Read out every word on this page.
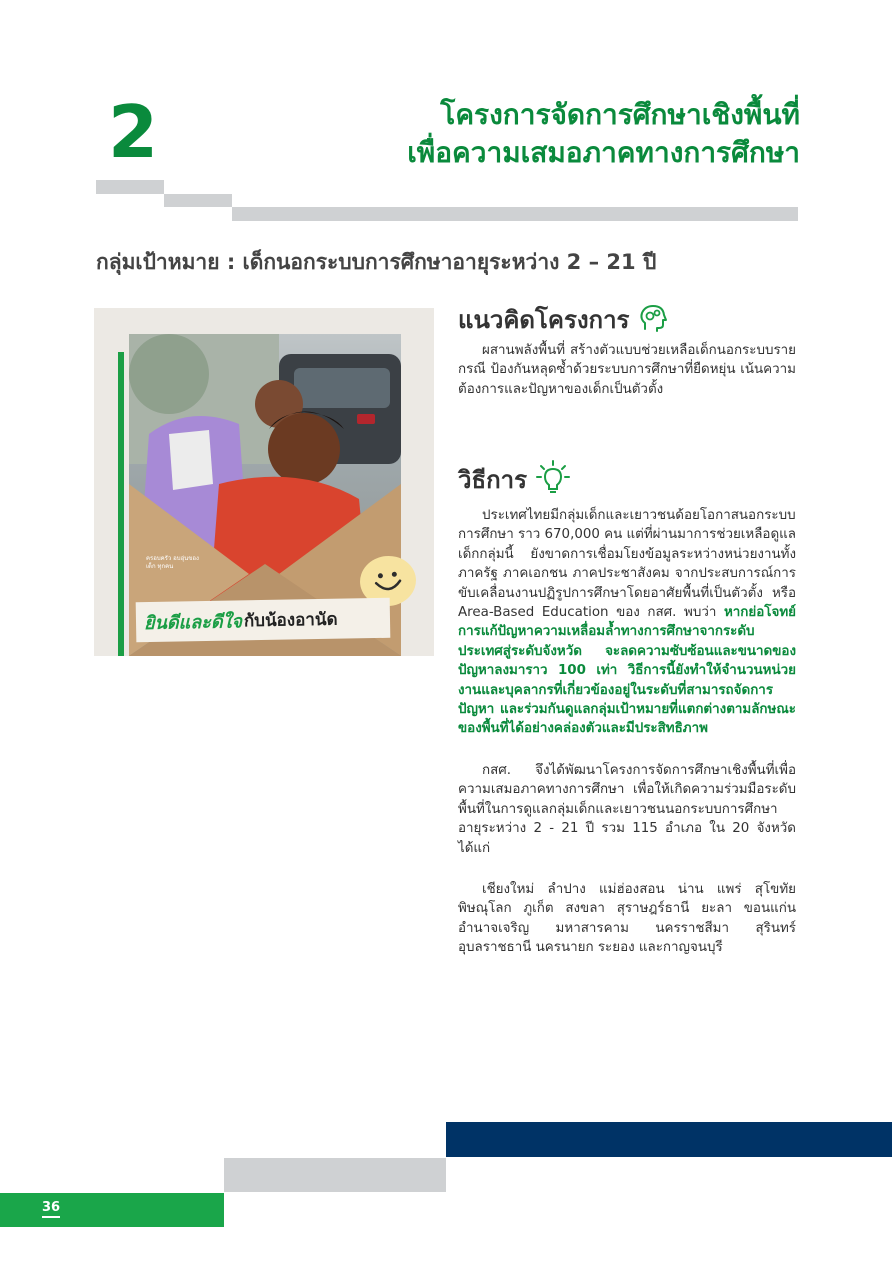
2	โครงการจัดการศึกษาเชิงพื้นที่
เพื่อความเสมอภาคทางการศึกษา
กลุ่มเป้าหมาย : เด็กนอกระบบการศึกษาอายุระหว่าง 2 – 21 ปี
ครอบครัว อบอุ่นของเด็ก ทุกคน
ยินดีและดีใจ กับน้องอานัด
แนวคิดโครงการ

ผสานพลังพื้นที่ สร้างตัวแบบช่วยเหลือเด็กนอกระบบรายกรณี ป้องกันหลุดซ้ำด้วยระบบการศึกษาที่ยืดหยุ่น เน้นความต้องการและปัญหาของเด็กเป็นตัวตั้ง

วิธีการ

ประเทศไทยมีกลุ่มเด็กและเยาวชนด้อยโอกาสนอกระบบการศึกษา ราว 670,000 คน แต่ที่ผ่านมาการช่วยเหลือดูแลเด็กกลุ่มนี้ ยังขาดการเชื่อมโยงข้อมูลระหว่างหน่วยงานทั้งภาครัฐ ภาคเอกชน ภาคประชาสังคม จากประสบการณ์การขับเคลื่อนงานปฏิรูปการศึกษาโดยอาศัยพื้นที่เป็นตัวตั้ง หรือ Area-Based Education ของ กสศ. พบว่า หากย่อโจทย์การแก้ปัญหาความเหลื่อมล้ำทางการศึกษาจากระดับประเทศสู่ระดับจังหวัด จะลดความซับซ้อนและขนาดของปัญหาลงมาราว 100 เท่า วิธีการนี้ยังทำให้จำนวนหน่วยงานและบุคลากรที่เกี่ยวข้องอยู่ในระดับที่สามารถจัดการปัญหา และร่วมกันดูแลกลุ่มเป้าหมายที่แตกต่างตามลักษณะของพื้นที่ได้อย่างคล่องตัวและมีประสิทธิภาพ

กสศ. จึงได้พัฒนาโครงการจัดการศึกษาเชิงพื้นที่เพื่อความเสมอภาคทางการศึกษา เพื่อให้เกิดความร่วมมือระดับพื้นที่ในการดูแลกลุ่มเด็กและเยาวชนนอกระบบการศึกษาอายุระหว่าง 2 - 21 ปี รวม 115 อำเภอ ใน 20 จังหวัด ได้แก่

เชียงใหม่ ลำปาง แม่ฮ่องสอน น่าน แพร่ สุโขทัย พิษณุโลก ภูเก็ต สงขลา สุราษฎร์ธานี ยะลา ขอนแก่น อำนาจเจริญ มหาสารคาม นครราชสีมา สุรินทร์ อุบลราชธานี นครนายก ระยอง และกาญจนบุรี

36
